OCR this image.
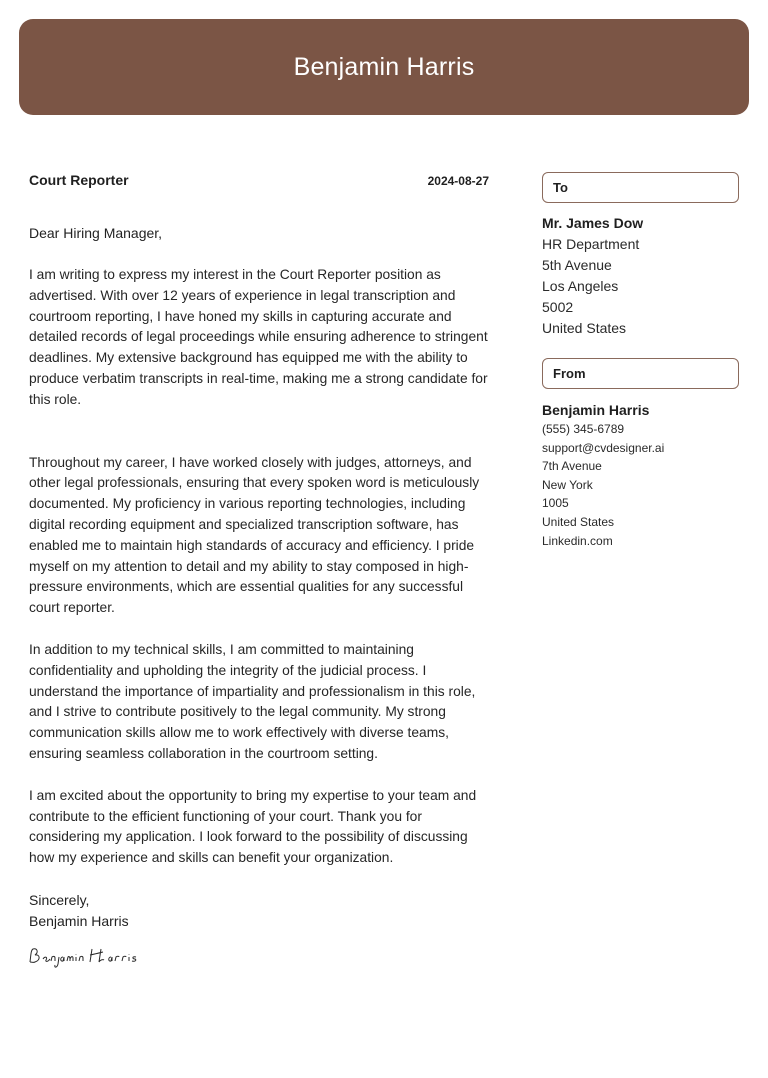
Benjamin Harris
Court Reporter	2024-08-27
Dear Hiring Manager,

I am writing to express my interest in the Court Reporter position as advertised. With over 12 years of experience in legal transcription and courtroom reporting, I have honed my skills in capturing accurate and detailed records of legal proceedings while ensuring adherence to stringent deadlines. My extensive background has equipped me with the ability to produce verbatim transcripts in real-time, making me a strong candidate for this role.

Throughout my career, I have worked closely with judges, attorneys, and other legal professionals, ensuring that every spoken word is meticulously documented. My proficiency in various reporting technologies, including digital recording equipment and specialized transcription software, has enabled me to maintain high standards of accuracy and efficiency. I pride myself on my attention to detail and my ability to stay composed in high-pressure environments, which are essential qualities for any successful court reporter.

In addition to my technical skills, I am committed to maintaining confidentiality and upholding the integrity of the judicial process. I understand the importance of impartiality and professionalism in this role, and I strive to contribute positively to the legal community. My strong communication skills allow me to work effectively with diverse teams, ensuring seamless collaboration in the courtroom setting.

I am excited about the opportunity to bring my expertise to your team and contribute to the efficient functioning of your court. Thank you for considering my application. I look forward to the possibility of discussing how my experience and skills can benefit your organization.

Sincerely,
Benjamin Harris
To
Mr. James Dow
HR Department
5th Avenue
Los Angeles
5002
United States
From
Benjamin Harris
(555) 345-6789
support@cvdesigner.ai
7th Avenue
New York
1005
United States
Linkedin.com
